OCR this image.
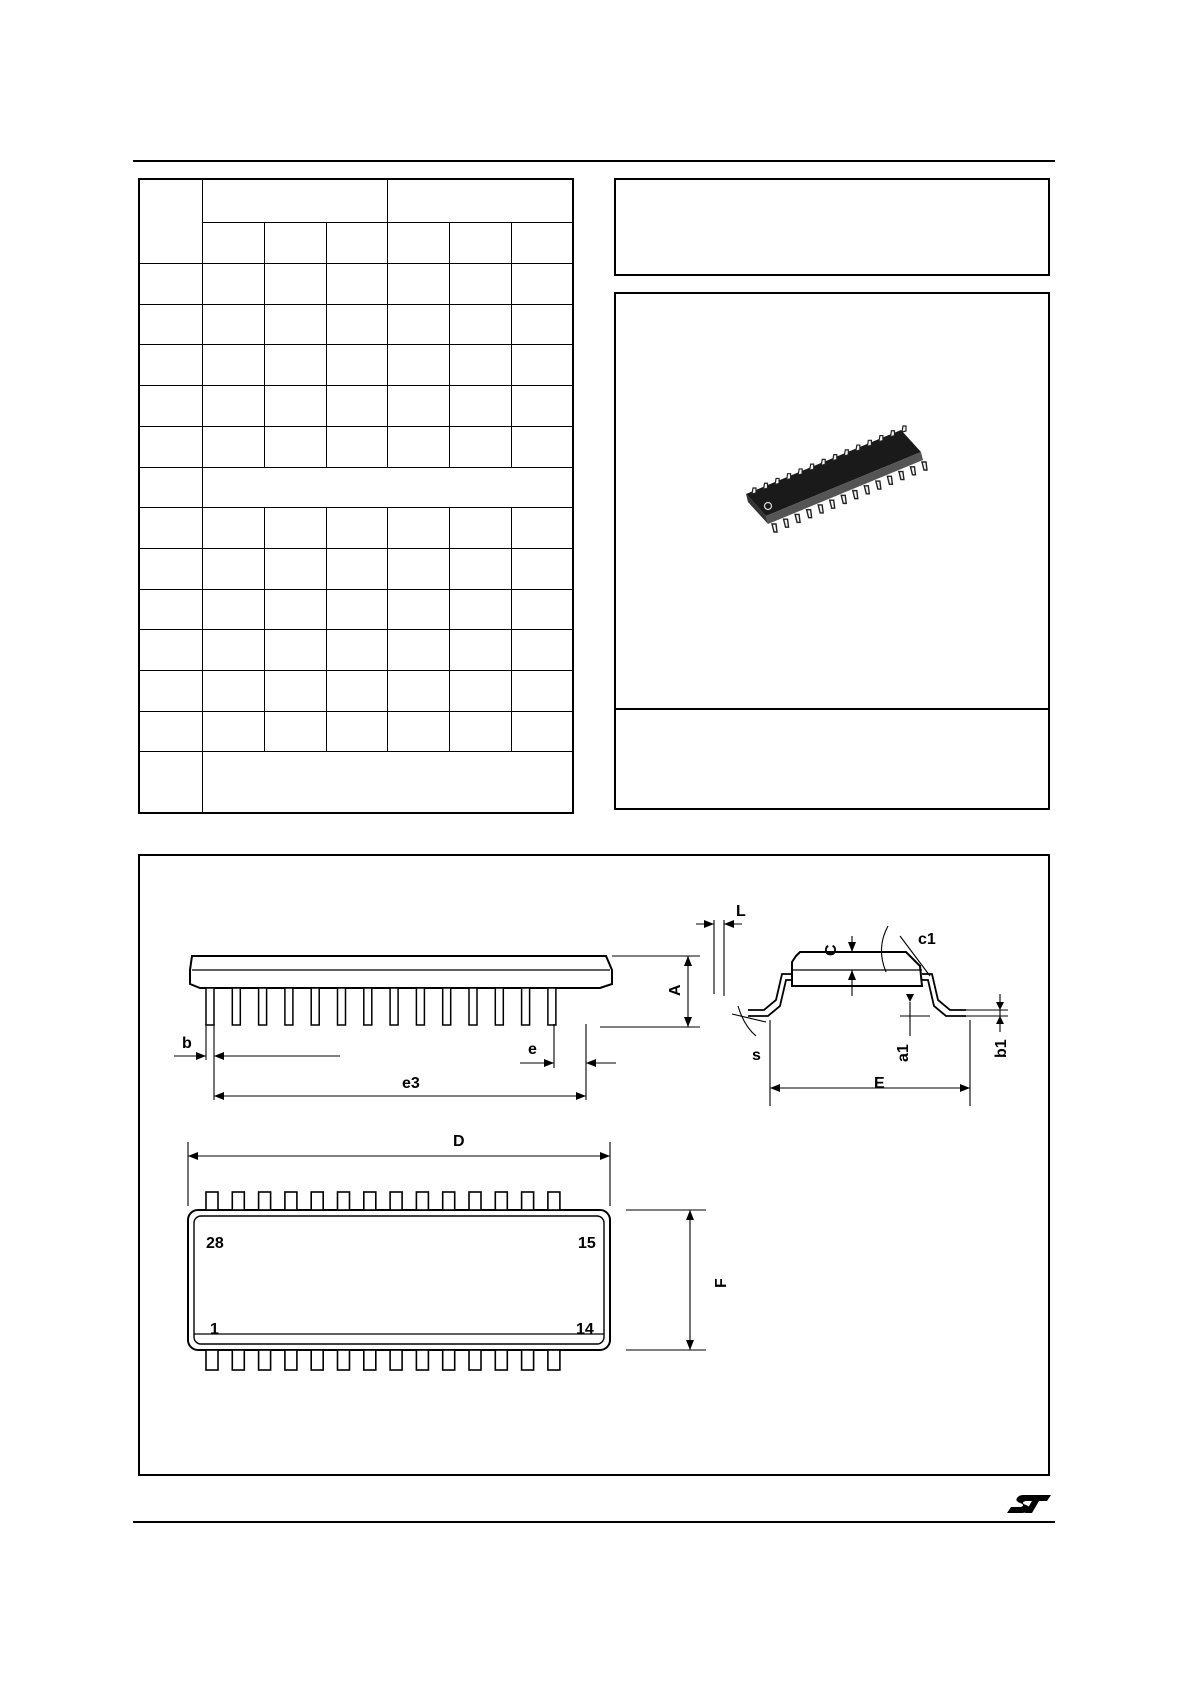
A
b	e
e3
D
F
L
C
c1
s	a1	b1
E
28	15
1	14
